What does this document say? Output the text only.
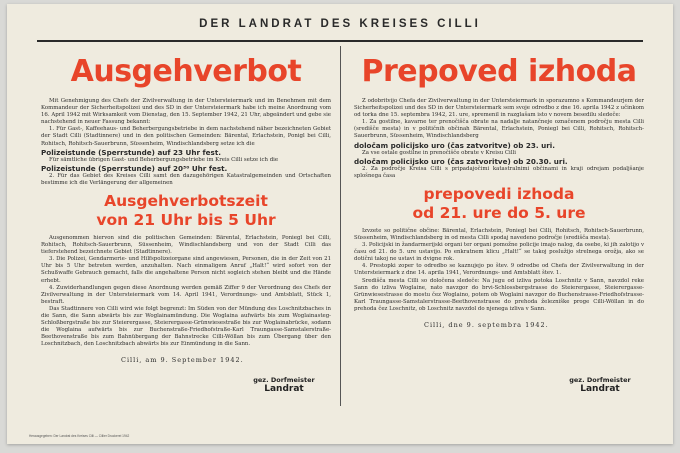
DER LANDRAT DES KREISES CILLI
Ausgehverbot

Mit Genehmigung des Chefs der Zivilverwaltung in der Untersteiermark und im Benehmen mit dem Kommandeur der Sicherheitspolizei und des SD in der Untersteiermark habe ich meine Anordnung vom 16. April 1942 mit Wirksamkeit vom Dienstag, den 15. September 1942, 21 Uhr, abgeändert und gebe sie nachstehend in neuer Fassung bekannt:

1. Für Gast-, Kaffeehaus- und Beherbergungsbetriebe in dem nachstehend näher bezeichneten Gebiet der Stadt Cilli (Stadtinnere) und in den politischen Gemeinden: Bärental, Erlachstein, Ponigl bei Cilli, Rohitsch, Rohitsch-Sauerbrunn, Süssenheim, Windischlandsberg setze ich die

Polizeistunde (Sperrstunde) auf 23 Uhr fest.

Für sämtliche übrigen Gast- und Beherbergungsbetriebe im Kreis Cilli setze ich die

Polizeistunde (Sperrstunde) auf 20³⁰ Uhr fest.

2. Für das Gebiet des Kreises Cilli samt den dazugehörigen Katastralgemeinden und Ortschaften bestimme ich die Verlängerung der allgemeinen

Ausgehverbotszeit
von 21 Uhr bis 5 Uhr

Ausgenommen hiervon sind die politischen Gemeinden: Bärental, Erlachstein, Poniegl bei Cilli, Rohitsch, Rohitsch-Sauerbrunn, Süssenheim, Windischlandsberg und von der Stadt Cilli das tieferstehend bezeichnete Gebiet (Stadtinnere).

3. Die Polizei, Gendarmerie- und Hilfspolizeiorgane sind angewiesen, Personen, die in der Zeit von 21 Uhr bis 5 Uhr betreten werden, anzuhalten. Nach einmaligem Anruf „Halt!“ wird sofort von der Schußwaffe Gebrauch gemacht, falls die angehaltene Person nicht sogleich stehen bleibt und die Hände erhebt.

4. Zuwiderhandlungen gegen diese Anordnung werden gemäß Ziffer 9 der Verordnung des Chefs der Zivilverwaltung in der Untersteiermark vom 14. April 1941, Verordnungs- und Amtsblatt, Stück 1, bestraft.

Das Stadtinnere von Cilli wird wie folgt begrenzt: Im Süden von der Mündung des Loschnitzbaches in die Sann, die Sann abwärts bis zur Woglainamündung. Die Woglaina aufwärts bis zum Woglainasteg-Schloßbergstraße bis zur Steierergasse, Steierergasse-Grünwiesestraße bis zur Woglainabrücke, sodann die Woglaina aufwärts bis zur Buchenstraße-Friedhofstraße-Karl Traungasse-Samstalerstraße-Beethovenstraße bis zum Bahnübergang der Bahnstrecke Cilli-Wöllan bis zum Übergang über den Loschnitzbach, den Loschnitzbach abwärts bis zur Einmündung in die Sann.

Cilli, am 9. September 1942.
gez. Dorfmeister
Landrat
Prepoved izhoda

Z odobritvijo Chefa der Zivilverwaltung in der Untersteiermark in sporazumno s Kommandeurjem der Sicherheitspolizei und des SD in der Untersteiermark sem svoje odredbo z dne 16. aprila 1942 z učinkom od torka dne 15. septembra 1942, 21. ure, spremenil in razglašam isto v novem besedilu sledeče:

1. Za gostilne, kavarne ter prenočišča obrate na nadalje natančneje označenem področju mesta Cilli (središče mesta) in v političnih občinah Bärental, Erlachstein, Poniegl bei Cilli, Rohitsch, Rohitsch-Sauerbrunn, Süssenheim, Windischlandsberg

določam policijsko uro (čas zatvoritve) ob 23. uri.

Za vse ostale gostilne in prenočišče obrate v Kreisu Cilli

določam policijsko uro (čas zatvoritve) ob 20.30. uri.

2. Za področje Kreisa Cilli s pripadajočimi katastralnimi občinami in kraji odrejam podaljšanje splošnega časa

prepovedi izhoda
od 21. ure do 5. ure

Izvzete so politične občine: Bärental, Erlachstein, Poniegl bei Cilli, Rohitsch, Rohitsch-Sauerbrunn, Süssenheim, Windischlandsberg in od mesta Cilli spodaj navedeno področje (središča mesta).

3. Policijski in žandarmerijski organi ter organi pomožne policije imajo nalog, da osebe, ki jih zalotijo v času od 21. do 5. ure ustavijo. Po enkratnem klicu „Halt!“ se takoj poslužijo strelnega orožja, ako se dotični takoj ne ustavi in dvigne rok.

4. Prestopki zoper to odredbo se kaznujejo po štev. 9 odredbe od Chefa der Zivilverwaltung in der Untersteiermark z dne 14. aprila 1941, Verordnungs- und Amtsblatt štev. 1.

Središča mesta Cilli so določena sledeče: Na jugu od izliva potoka Loschnitz v Sann, navzdol reke Sann do izliva Woglaine, nato navzgor do brvi-Schlossbergstrasse do Steierergasse, Steierergasse-Grünwiesestrasse do mostu čez Woglaino, potem ob Woglaini navzgor do Buchenstrasse-Friedhofstrasse-Karl Traungasse-Samstalerstrasse-Beethovenstrasse do prehoda železniške proge Cilli-Wöllan in do prehoda čez Loschnitz, ob Loschnitz navzdol do njenega izliva v Sann.

Cilli, dne 9. septembra 1942.
gez. Dorfmeister
Landrat
Herausgegeben: Der Landrat des Kreises Cilli — Cillier Druckerei 1942
